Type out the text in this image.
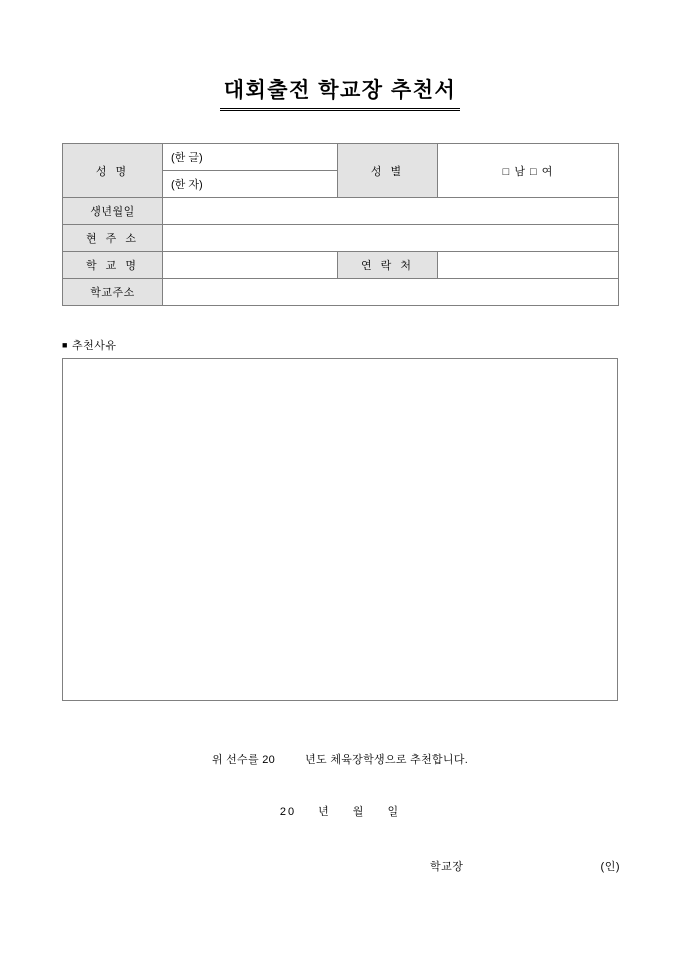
대회출전 학교장 추천서
성 명	(한 글)	성 별	□ 남 □ 여
	(한 자)		
생년월일			
현 주 소			
학 교 명		연 락 처	
학교주소			
■ 추천사유
위 선수를 20	년도 체육장학생으로 추천합니다.
20 년 월 일
학교장	(인)
